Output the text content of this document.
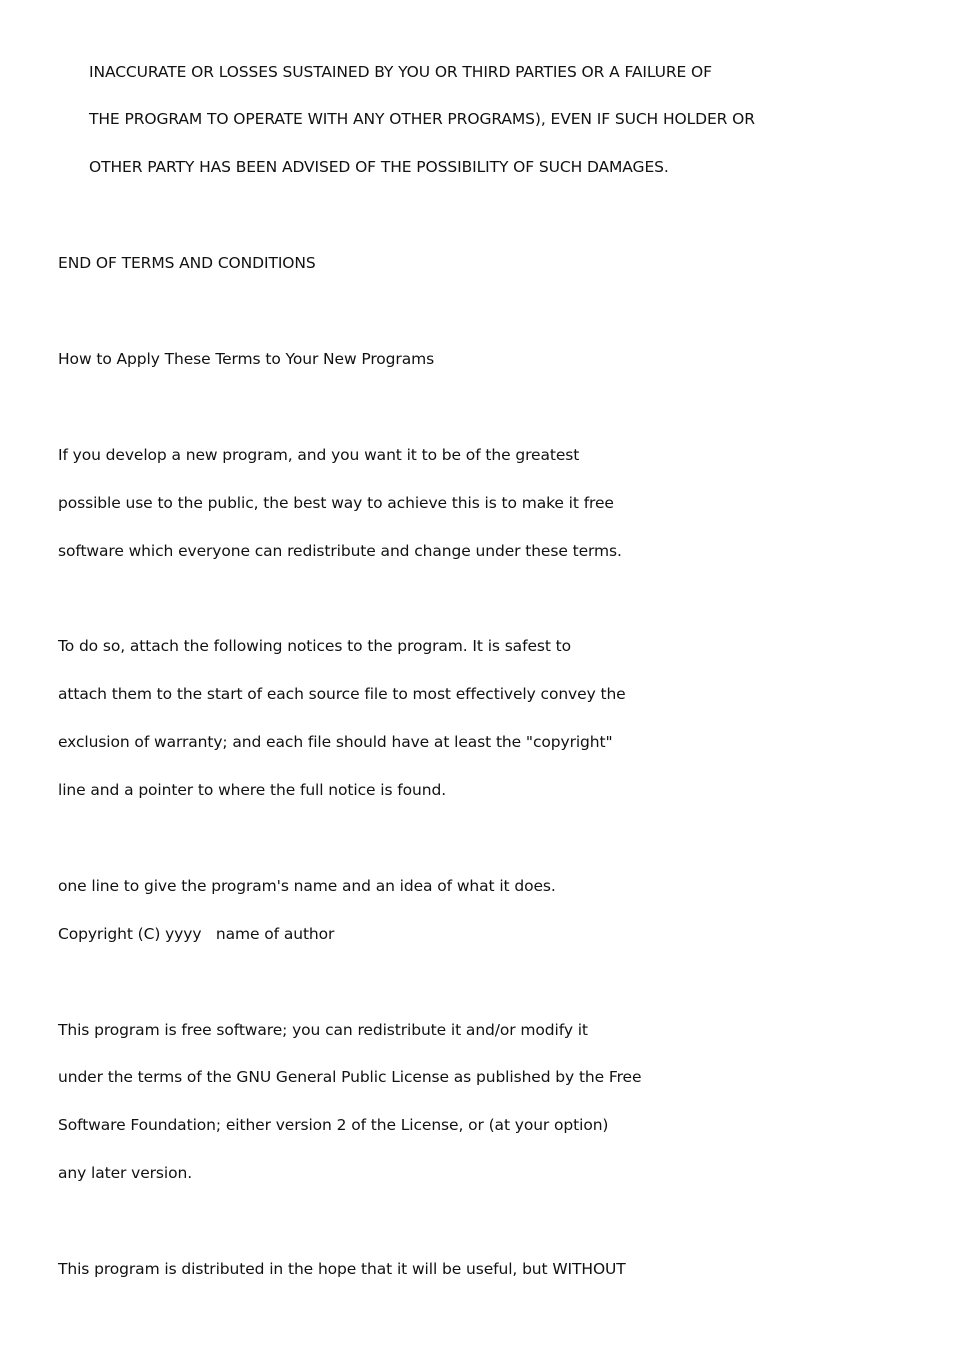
INACCURATE OR LOSSES SUSTAINED BY YOU OR THIRD PARTIES OR A FAILURE OF
THE PROGRAM TO OPERATE WITH ANY OTHER PROGRAMS), EVEN IF SUCH HOLDER OR
OTHER PARTY HAS BEEN ADVISED OF THE POSSIBILITY OF SUCH DAMAGES.
END OF TERMS AND CONDITIONS
How to Apply These Terms to Your New Programs
If you develop a new program, and you want it to be of the greatest
possible use to the public, the best way to achieve this is to make it free
software which everyone can redistribute and change under these terms.
To do so, attach the following notices to the program. It is safest to
attach them to the start of each source file to most effectively convey the
exclusion of warranty; and each file should have at least the "copyright"
line and a pointer to where the full notice is found.
one line to give the program's name and an idea of what it does.
Copyright (C) yyyy   name of author
This program is free software; you can redistribute it and/or modify it
under the terms of the GNU General Public License as published by the Free
Software Foundation; either version 2 of the License, or (at your option)
any later version.
This program is distributed in the hope that it will be useful, but WITHOUT
